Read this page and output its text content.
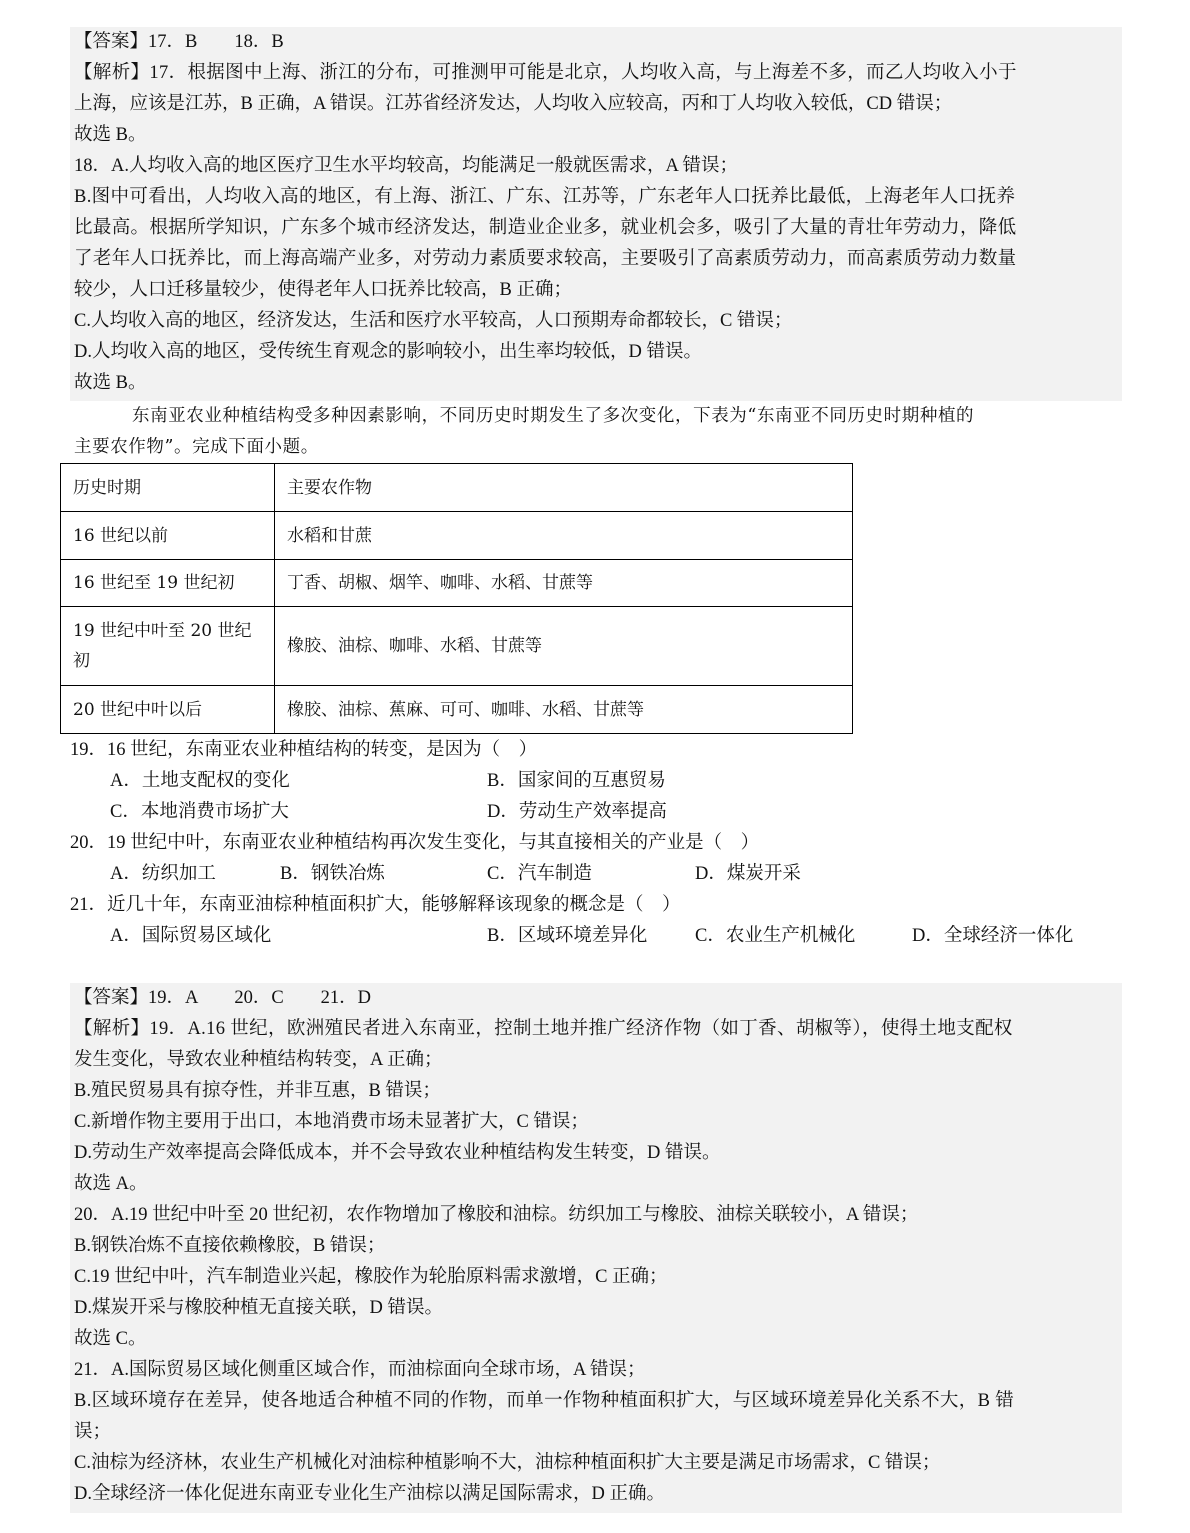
【答案】17．B　　18．B
【解析】17．根据图中上海、浙江的分布，可推测甲可能是北京，人均收入高，与上海差不多，而乙人均收入小于
上海，应该是江苏，B 正确，A 错误。江苏省经济发达，人均收入应较高，丙和丁人均收入较低，CD 错误；
故选 B。
18．A.人均收入高的地区医疗卫生水平均较高，均能满足一般就医需求，A 错误；
B.图中可看出，人均收入高的地区，有上海、浙江、广东、江苏等，广东老年人口抚养比最低，上海老年人口抚养
比最高。根据所学知识，广东多个城市经济发达，制造业企业多，就业机会多，吸引了大量的青壮年劳动力，降低
了老年人口抚养比，而上海高端产业多，对劳动力素质要求较高，主要吸引了高素质劳动力，而高素质劳动力数量
较少，人口迁移量较少，使得老年人口抚养比较高，B 正确；
C.人均收入高的地区，经济发达，生活和医疗水平较高，人口预期寿命都较长，C 错误；
D.人均收入高的地区，受传统生育观念的影响较小，出生率均较低，D 错误。
故选 B。
东南亚农业种植结构受多种因素影响，不同历史时期发生了多次变化，下表为“东南亚不同历史时期种植的
主要农作物”。完成下面小题。
历史时期	主要农作物
16 世纪以前	水稻和甘蔗
16 世纪至 19 世纪初	丁香、胡椒、烟竿、咖啡、水稻、甘蔗等
19 世纪中叶至 20 世纪初	橡胶、油棕、咖啡、水稻、甘蔗等
20 世纪中叶以后	橡胶、油棕、蕉麻、可可、咖啡、水稻、甘蔗等
19．16 世纪，东南亚农业种植结构的转变，是因为（　）
A．土地支配权的变化	B．国家间的互惠贸易
C．本地消费市场扩大	D．劳动生产效率提高
20．19 世纪中叶，东南亚农业种植结构再次发生变化，与其直接相关的产业是（　）
A．纺织加工	B．钢铁冶炼	C．汽车制造	D．煤炭开采
21．近几十年，东南亚油棕种植面积扩大，能够解释该现象的概念是（　）
A．国际贸易区域化	B．区域环境差异化	C．农业生产机械化	D．全球经济一体化
【答案】19．A　　20．C　　21．D
【解析】19．A.16 世纪，欧洲殖民者进入东南亚，控制土地并推广经济作物（如丁香、胡椒等），使得土地支配权
发生变化，导致农业种植结构转变，A 正确；
B.殖民贸易具有掠夺性，并非互惠，B 错误；
C.新增作物主要用于出口，本地消费市场未显著扩大，C 错误；
D.劳动生产效率提高会降低成本，并不会导致农业种植结构发生转变，D 错误。
故选 A。
20．A.19 世纪中叶至 20 世纪初，农作物增加了橡胶和油棕。纺织加工与橡胶、油棕关联较小，A 错误；
B.钢铁冶炼不直接依赖橡胶，B 错误；
C.19 世纪中叶，汽车制造业兴起，橡胶作为轮胎原料需求激增，C 正确；
D.煤炭开采与橡胶种植无直接关联，D 错误。
故选 C。
21．A.国际贸易区域化侧重区域合作，而油棕面向全球市场，A 错误；
B.区域环境存在差异，使各地适合种植不同的作物，而单一作物种植面积扩大，与区域环境差异化关系不大，B 错
误；
C.油棕为经济林，农业生产机械化对油棕种植影响不大，油棕种植面积扩大主要是满足市场需求，C 错误；
D.全球经济一体化促进东南亚专业化生产油棕以满足国际需求，D 正确。
